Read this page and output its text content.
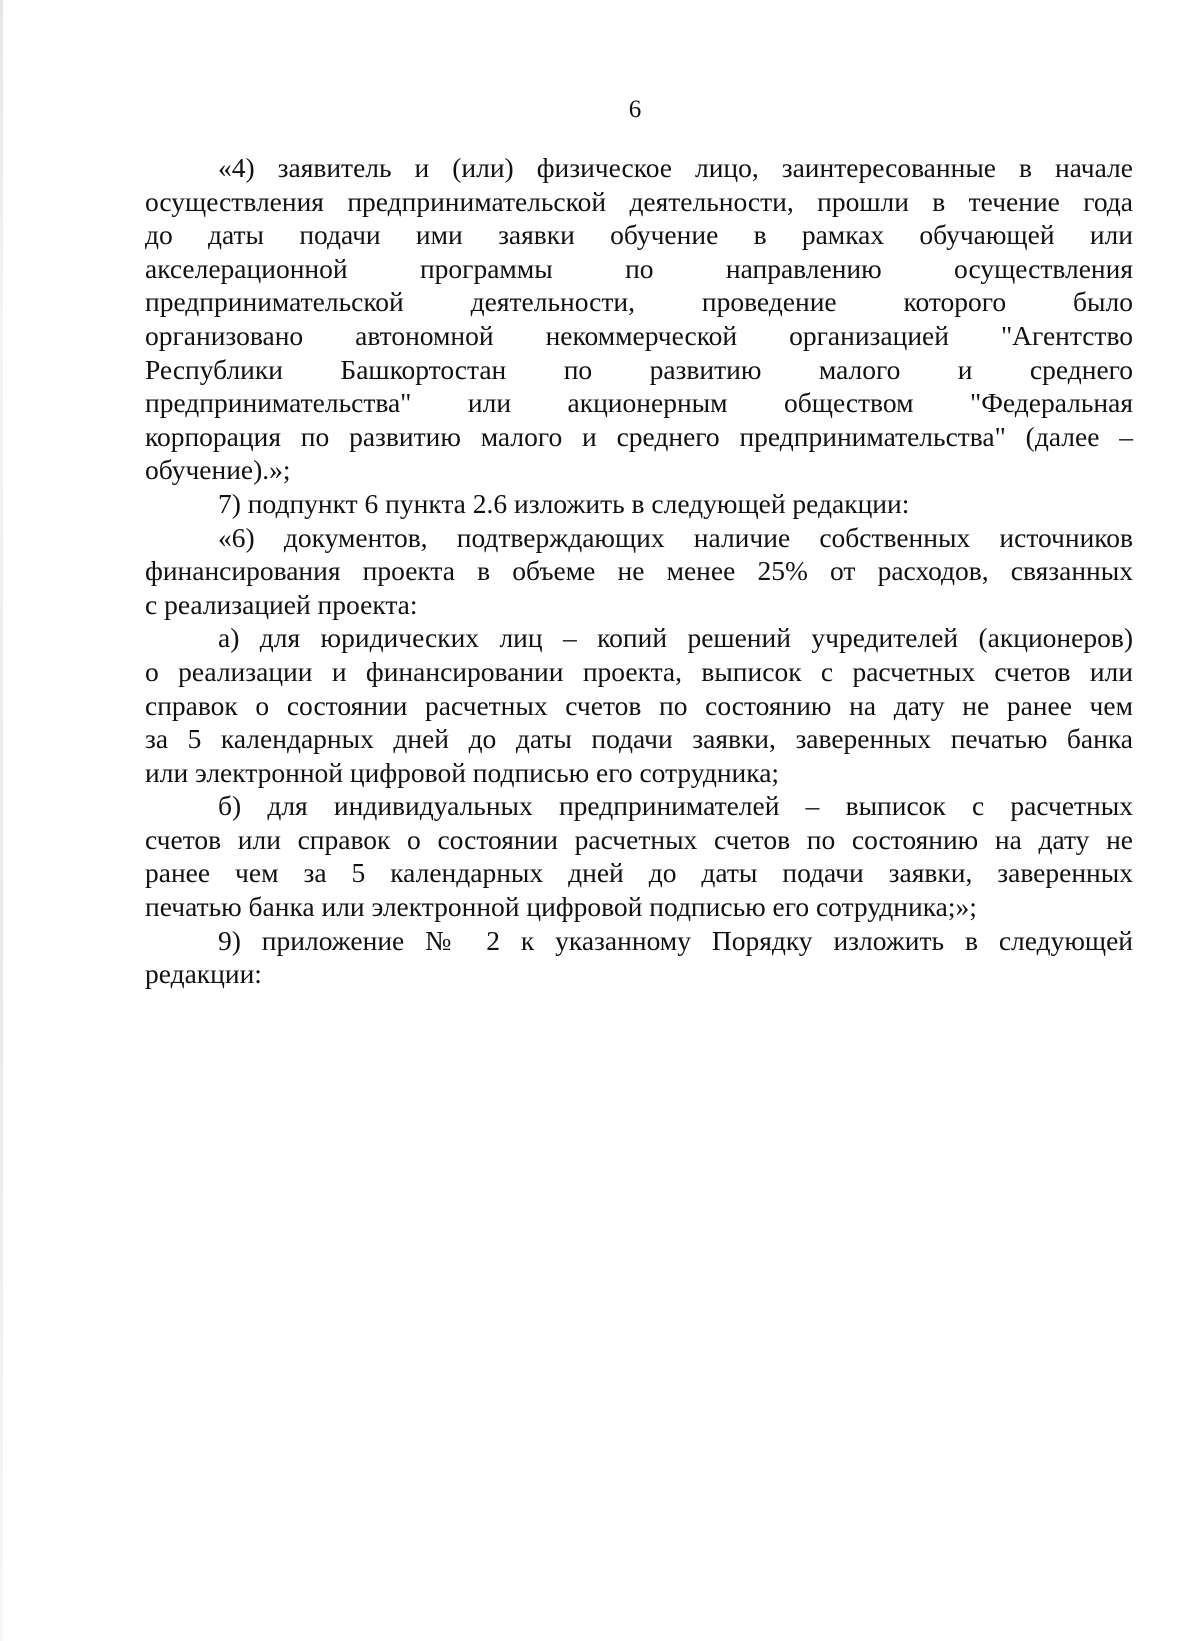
6
«4) заявитель и (или) физическое лицо, заинтересованные в начале
осуществления предпринимательской деятельности, прошли в течение года
до даты подачи ими заявки обучение в рамках обучающей или
акселерационной программы по направлению осуществления
предпринимательской деятельности, проведение которого было
организовано автономной некоммерческой организацией "Агентство
Республики Башкортостан по развитию малого и среднего
предпринимательства" или акционерным обществом "Федеральная
корпорация по развитию малого и среднего предпринимательства" (далее –
обучение).»;
7) подпункт 6 пункта 2.6 изложить в следующей редакции:
«6) документов, подтверждающих наличие собственных источников
финансирования проекта в объеме не менее 25% от расходов, связанных
с реализацией проекта:
а) для юридических лиц – копий решений учредителей (акционеров)
о реализации и финансировании проекта, выписок с расчетных счетов или
справок о состоянии расчетных счетов по состоянию на дату не ранее чем
за 5 календарных дней до даты подачи заявки, заверенных печатью банка
или электронной цифровой подписью его сотрудника;
б) для индивидуальных предпринимателей – выписок с расчетных
счетов или справок о состоянии расчетных счетов по состоянию на дату не
ранее чем за 5 календарных дней до даты подачи заявки, заверенных
печатью банка или электронной цифровой подписью его сотрудника;»;
9) приложение № 2 к указанному Порядку изложить в следующей
редакции:
